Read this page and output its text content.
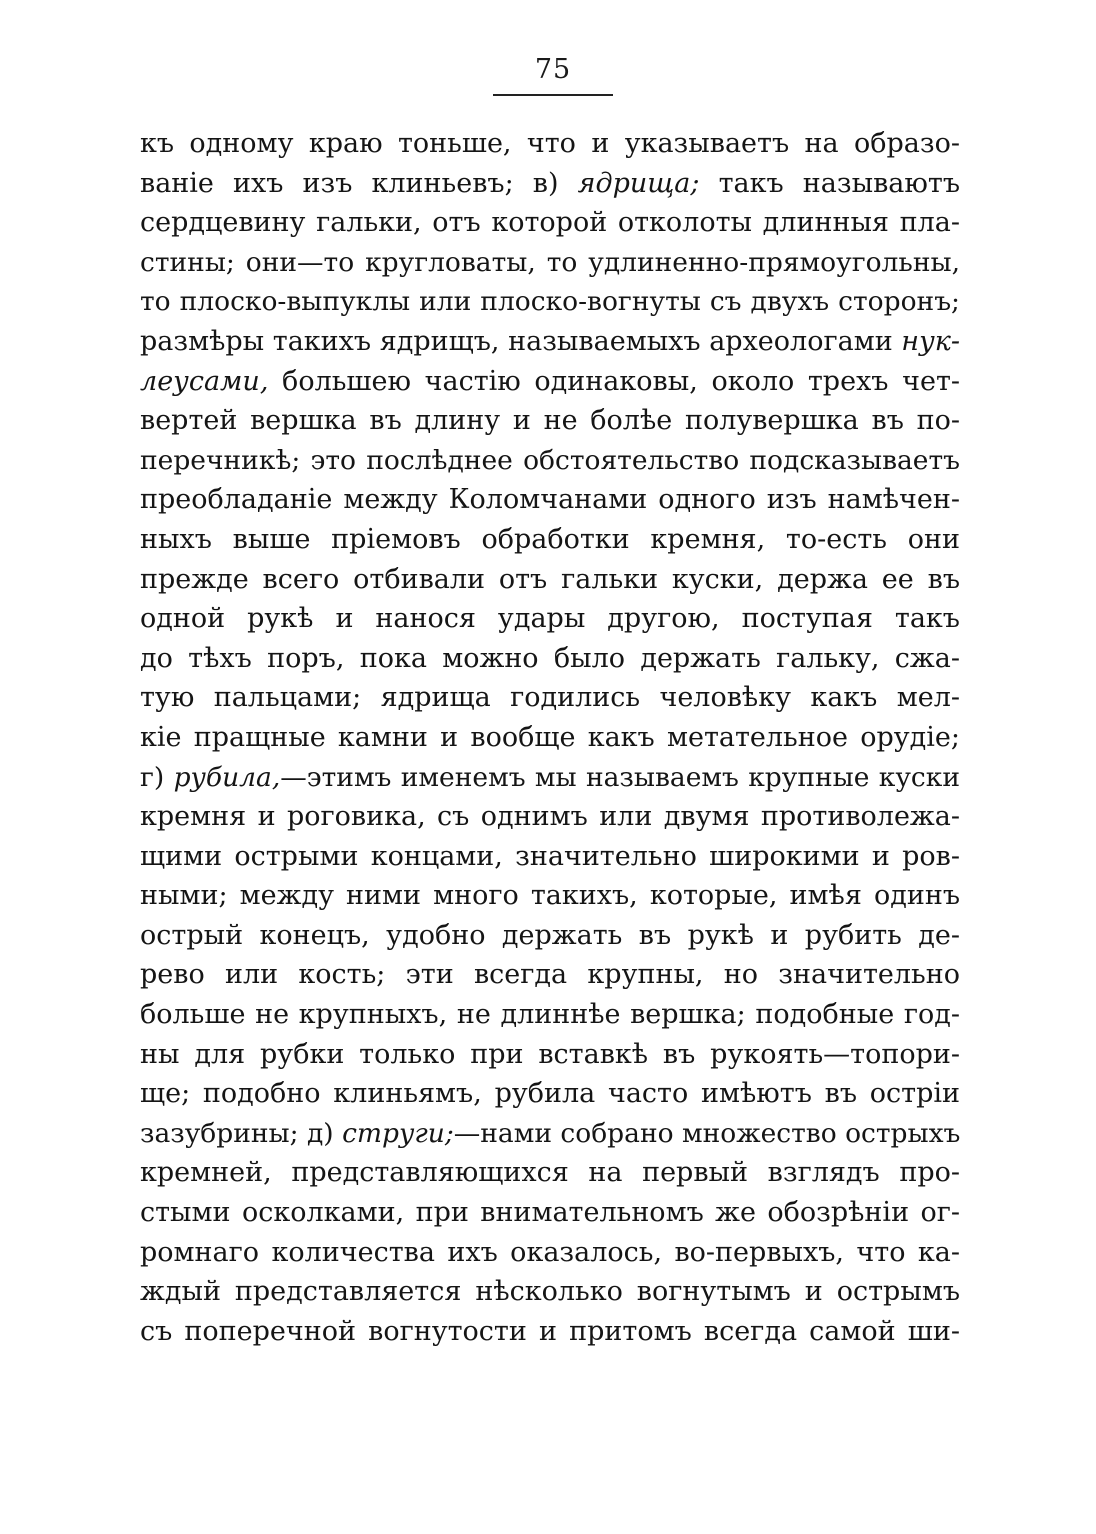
75
къ одному краю тоньше, что и указываетъ на образо-
ваніе ихъ изъ клиньевъ; в) ядрища; такъ называютъ
сердцевину гальки, отъ которой отколоты длинныя пла-
стины; они—то кругловаты, то удлиненно-прямоугольны,
то плоско-выпуклы или плоско-вогнуты съ двухъ сторонъ;
размѣры такихъ ядрищъ, называемыхъ археологами нук-
леусами, большею частію одинаковы, около трехъ чет-
вертей вершка въ длину и не болѣе полувершка въ по-
перечникѣ; это послѣднее обстоятельство подсказываетъ
преобладаніе между Коломчанами одного изъ намѣчен-
ныхъ выше пріемовъ обработки кремня, то-есть они
прежде всего отбивали отъ гальки куски, держа ее въ
одной рукѣ и нанося удары другою, поступая такъ
до тѣхъ поръ, пока можно было держать гальку, сжа-
тую пальцами; ядрища годились человѣку какъ мел-
кіе пращные камни и вообще какъ метательное орудіе;
г) рубила,—этимъ именемъ мы называемъ крупные куски
кремня и роговика, съ однимъ или двумя противолежа-
щими острыми концами, значительно широкими и ров-
ными; между ними много такихъ, которые, имѣя одинъ
острый конецъ, удобно держать въ рукѣ и рубить де-
рево или кость; эти всегда крупны, но значительно
больше не крупныхъ, не длиннѣе вершка; подобные год-
ны для рубки только при вставкѣ въ рукоять—топори-
ще; подобно клиньямъ, рубила часто имѣютъ въ остріи
зазубрины; д) струги;—нами собрано множество острыхъ
кремней, представляющихся на первый взглядъ про-
стыми осколками, при внимательномъ же обозрѣніи ог-
ромнаго количества ихъ оказалось, во-первыхъ, что ка-
ждый представляется нѣсколько вогнутымъ и острымъ
съ поперечной вогнутости и притомъ всегда самой ши-
